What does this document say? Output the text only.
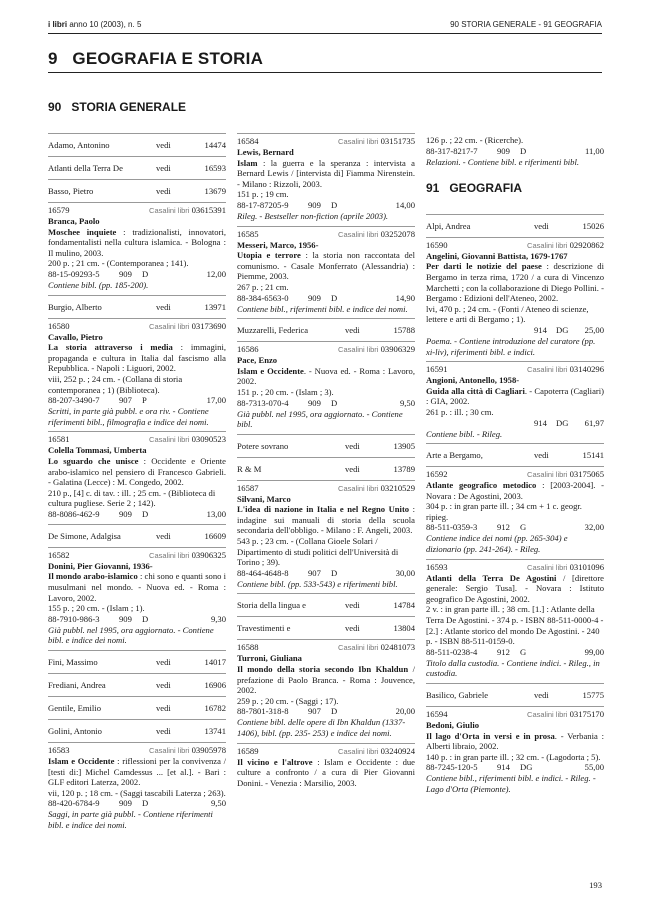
i libri anno 10 (2003), n. 5	90 STORIA GENERALE - 91 GEOGRAFIA
9   GEOGRAFIA E STORIA
90   STORIA GENERALE
Adamo, Antonino	vedi	14474
Atlanti della Terra De	vedi	16593
Basso, Pietro	vedi	13679
16579	Casalini libri 03615391
Branca, Paolo
Moschee inquiete : tradizionalisti, innovatori, fondamentalisti nella cultura islamica. - Bologna : Il mulino, 2003.
200 p. ; 21 cm. - (Contemporanea ; 141).
88-15-09293-5 909 D	12,00
Contiene bibl. (pp. 185-200).
Burgio, Alberto	vedi	13971
16580	Casalini libri 03173690
Cavallo, Pietro
La storia attraverso i media : immagini, propaganda e cultura in Italia dal fascismo alla Repubblica. - Napoli : Liguori, 2002.
viii, 252 p. ; 24 cm. - (Collana di storia contemporanea ; 1) (Biblioteca).
88-207-3490-7 907 P	17,00
Scritti, in parte già pubbl. e ora riv. - Contiene riferimenti bibl., filmografia e indice dei nomi.
16581	Casalini libri 03090523
Colella Tommasi, Umberta
Lo sguardo che unisce : Occidente e Oriente arabo-islamico nel pensiero di Francesco Gabrieli. - Galatina (Lecce) : M. Congedo, 2002.
210 p., [4] c. di tav. : ill. ; 25 cm. - (Biblioteca di cultura pugliese. Serie 2 ; 142).
88-8086-462-9 909 D	13,00
De Simone, Adalgisa	vedi	16609
16582	Casalini libri 03906325
Donini, Pier Giovanni, 1936-
Il mondo arabo-islamico : chi sono e quanti sono i musulmani nel mondo. - Nuova ed. - Roma : Lavoro, 2002.
155 p. ; 20 cm. - (Islam ; 1).
88-7910-986-3 909 D	9,30
Già pubbl. nel 1995, ora aggiornato. - Contiene bibl. e indice dei nomi.
Fini, Massimo	vedi	14017
Frediani, Andrea	vedi	16906
Gentile, Emilio	vedi	16782
Golini, Antonio	vedi	13741
16583	Casalini libri 03905978
Islam e Occidente : riflessioni per la convivenza / [testi di:] Michel Camdessus ... [et al.]. - Bari : GLF editori Laterza, 2002.
vii, 120 p. ; 18 cm. - (Saggi tascabili Laterza ; 263).
88-420-6784-9 909 D	9,50
Saggi, in parte già pubbl. - Contiene riferimenti bibl. e indice dei nomi.
16584	Casalini libri 03151735
Lewis, Bernard
Islam : la guerra e la speranza : intervista a Bernard Lewis / [intervista di] Fiamma Nirenstein. - Milano : Rizzoli, 2003.
151 p. ; 19 cm.
88-17-87205-9 909 D	14,00
Rileg. - Bestseller non-fiction (aprile 2003).
16585	Casalini libri 03252078
Messeri, Marco, 1956-
Utopia e terrore : la storia non raccontata del comunismo. - Casale Monferrato (Alessandria) : Piemme, 2003.
267 p. ; 21 cm.
88-384-6563-0 909 D	14,90
Contiene bibl., riferimenti bibl. e indice dei nomi.
Muzzarelli, Federica	vedi	15788
16586	Casalini libri 03906329
Pace, Enzo
Islam e Occidente. - Nuova ed. - Roma : Lavoro, 2002.
151 p. ; 20 cm. - (Islam ; 3).
88-7313-070-4 909 D	9,50
Già pubbl. nel 1995, ora aggiornato. - Contiene bibl.
Potere sovrano	vedi	13905
R & M	vedi	13789
16587	Casalini libri 03210529
Silvani, Marco
L'idea di nazione in Italia e nel Regno Unito : indagine sui manuali di storia della scuola secondaria dell'obbligo. - Milano : F. Angeli, 2003.
543 p. ; 23 cm. - (Collana Gioele Solari / Dipartimento di studi politici dell'Università di Torino ; 39).
88-464-4648-8 907 D	30,00
Contiene bibl. (pp. 533-543) e riferimenti bibl.
Storia della lingua e	vedi	14784
Travestimenti e	vedi	13804
16588	Casalini libri 02481073
Turroni, Giuliana
Il mondo della storia secondo Ibn Khaldun / prefazione di Paolo Branca. - Roma : Jouvence, 2002.
259 p. ; 20 cm. - (Saggi ; 17).
88-7801-318-8 907 D	20,00
Contiene bibl. delle opere di Ibn Khaldun (1337-1406), bibl. (pp. 235- 253) e indice dei nomi.
16589	Casalini libri 03240924
Il vicino e l'altrove : Islam e Occidente : due culture a confronto / a cura di Pier Giovanni Donini. - Venezia : Marsilio, 2003.
126 p. ; 22 cm. - (Ricerche).
88-317-8217-7 909 D	11,00
Relazioni. - Contiene bibl. e riferimenti bibl.
91   GEOGRAFIA
Alpi, Andrea	vedi	15026
16590	Casalini libri 02920862
Angelini, Giovanni Battista, 1679-1767
Per darti le notizie del paese : descrizione di Bergamo in terza rima, 1720 / a cura di Vincenzo Marchetti ; con la collaborazione di Diego Pollini. - Bergamo : Edizioni dell'Ateneo, 2002.
lvi, 470 p. ; 24 cm. - (Fonti / Ateneo di scienze, lettere e arti di Bergamo ; 1).
914 DG 25,00
Poema. - Contiene introduzione del curatore (pp. xi-liv), riferimenti bibl. e indici.
16591	Casalini libri 03140296
Angioni, Antonello, 1958-
Guida alla città di Cagliari. - Capoterra (Cagliari) : GIA, 2002.
261 p. : ill. ; 30 cm.
914 DG 61,97
Contiene bibl. - Rileg.
Arte a Bergamo,	vedi	15141
16592	Casalini libri 03175065
Atlante geografico metodico : [2003-2004]. - Novara : De Agostini, 2003.
304 p. : in gran parte ill. ; 34 cm + 1 c. geogr. ripieg.
88-511-0359-3 912 G	32,00
Contiene indice dei nomi (pp. 265-304) e dizionario (pp. 241-264). - Rileg.
16593	Casalini libri 03101096
Atlanti della Terra De Agostini / [direttore generale: Sergio Tusa]. - Novara : Istituto geografico De Agostini, 2002.
2 v. : in gran parte ill. ; 38 cm. [1.] : Atlante della Terra De Agostini. - 374 p. - ISBN 88-511-0000-4 - [2.] : Atlante storico del mondo De Agostini. - 240 p. - ISBN 88-511-0159-0.
88-511-0238-4 912 G	99,00
Titolo dalla custodia. - Contiene indici. - Rileg., in custodia.
Basilico, Gabriele	vedi	15775
16594	Casalini libri 03175170
Bedoni, Giulio
Il lago d'Orta in versi e in prosa. - Verbania : Alberti libraio, 2002.
140 p. : in gran parte ill. ; 32 cm. - (Lagodorta ; 5).
88-7245-120-5 914 DG	55,00
Contiene bibl., riferimenti bibl. e indici. - Rileg. - Lago d'Orta (Piemonte).
193
